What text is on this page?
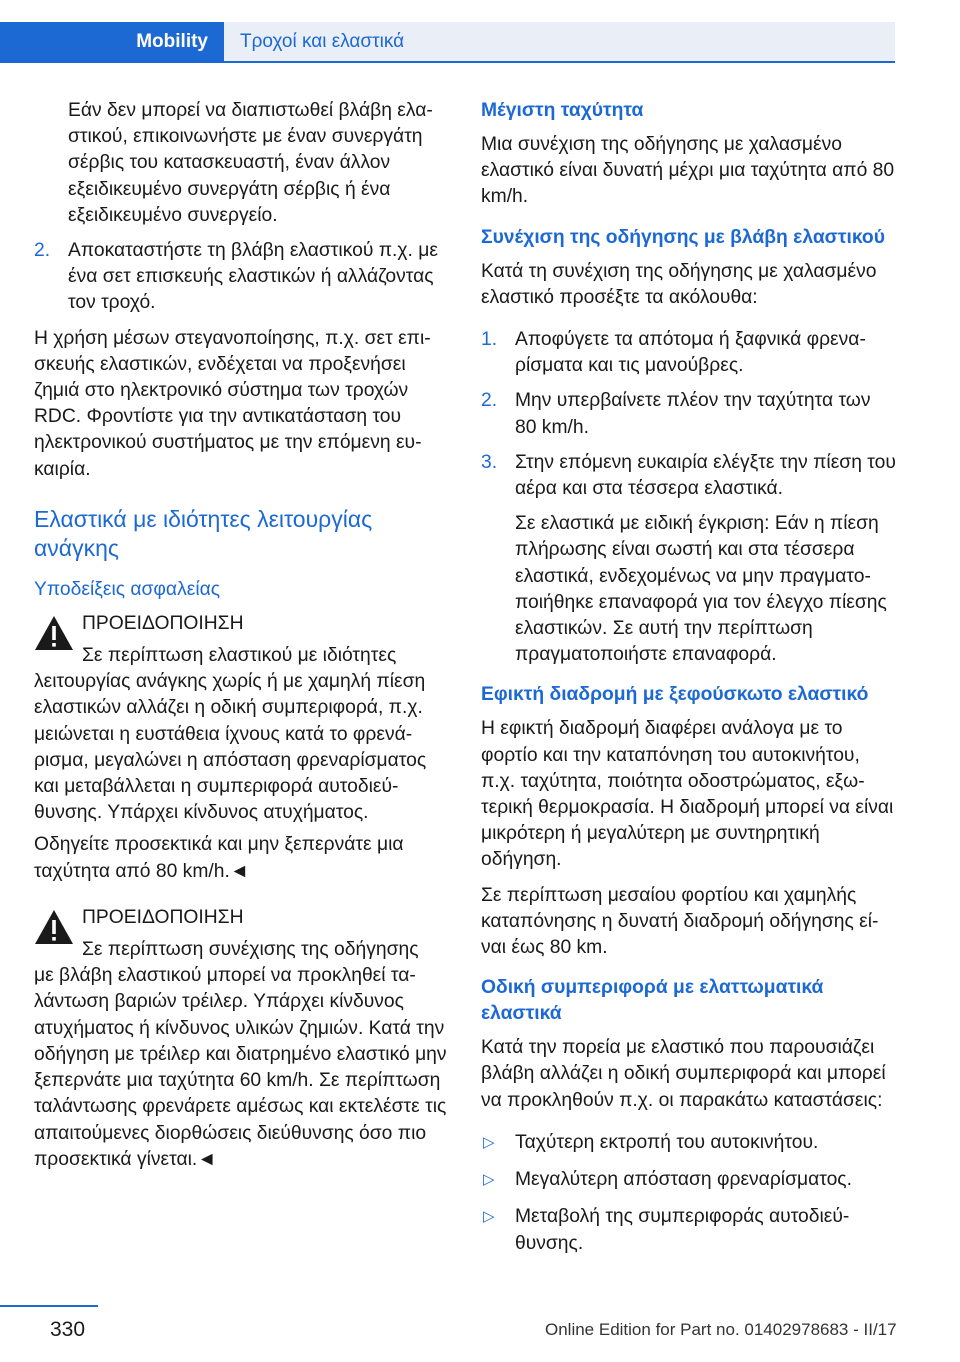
Mobility	Τροχοί και ελαστικά

Εάν δεν μπορεί να διαπιστωθεί βλάβη ελαστικού, επικοινωνήστε με έναν συνεργάτη σέρβις του κατασκευαστή, έναν άλλον εξειδικευμένο συνεργάτη σέρβις ή ένα εξειδικευμένο συνεργείο.

2. Αποκαταστήστε τη βλάβη ελαστικού π.χ. με ένα σετ επισκευής ελαστικών ή αλλάζοντας τον τροχό.

Η χρήση μέσων στεγανοποίησης, π.χ. σετ επισκευής ελαστικών, ενδέχεται να προξενήσει ζημιά στο ηλεκτρονικό σύστημα των τροχών RDC. Φροντίστε για την αντικατάσταση του ηλεκτρονικού συστήματος με την επόμενη ευκαιρία.

Ελαστικά με ιδιότητες λειτουργίας ανάγκης
Υποδείξεις ασφαλείας
ΠΡΟΕΙΔΟΠΟΙΗΣΗ

Σε περίπτωση ελαστικού με ιδιότητες
λειτουργίας ανάγκης χωρίς ή με χαμηλή πίεση ελαστικών αλλάζει η οδική συμπεριφορά, π.χ. μειώνεται η ευστάθεια ίχνους κατά το φρενάρισμα, μεγαλώνει η απόσταση φρεναρίσματος και μεταβάλλεται η συμπεριφορά αυτοδιεύθυνσης. Υπάρχει κίνδυνος ατυχήματος.

Οδηγείτε προσεκτικά και μην ξεπερνάτε μια ταχύτητα από 80 km/h.◄

ΠΡΟΕΙΔΟΠΟΙΗΣΗ

Σε περίπτωση συνέχισης της οδήγησης
με βλάβη ελαστικού μπορεί να προκληθεί ταλάντωση βαριών τρέιλερ. Υπάρχει κίνδυνος ατυχήματος ή κίνδυνος υλικών ζημιών. Κατά την οδήγηση με τρέιλερ και διατρημένο ελαστικό μην ξεπερνάτε μια ταχύτητα 60 km/h. Σε περίπτωση ταλάντωσης φρενάρετε αμέσως και εκτελέστε τις απαιτούμενες διορθώσεις διεύθυνσης όσο πιο προσεκτικά γίνεται.◄

Μέγιστη ταχύτητα

Μια συνέχιση της οδήγησης με χαλασμένο ελαστικό είναι δυνατή μέχρι μια ταχύτητα από 80 km/h.

Συνέχιση της οδήγησης με βλάβη ελαστικού

Κατά τη συνέχιση της οδήγησης με χαλασμένο ελαστικό προσέξτε τα ακόλουθα:

1. Αποφύγετε τα απότομα ή ξαφνικά φρεναρίσματα και τις μανούβρες.
2. Μην υπερβαίνετε πλέον την ταχύτητα των 80 km/h.
3. Στην επόμενη ευκαιρία ελέγξτε την πίεση του αέρα και στα τέσσερα ελαστικά.

Σε ελαστικά με ειδική έγκριση: Εάν η πίεση πλήρωσης είναι σωστή και στα τέσσερα ελαστικά, ενδεχομένως να μην πραγματοποιήθηκε επαναφορά για τον έλεγχο πίεσης ελαστικών. Σε αυτή την περίπτωση πραγματοποιήστε επαναφορά.

Εφικτή διαδρομή με ξεφούσκωτο ελαστικό

Η εφικτή διαδρομή διαφέρει ανάλογα με το φορτίο και την καταπόνηση του αυτοκινήτου, π.χ. ταχύτητα, ποιότητα οδοστρώματος, εξωτερική θερμοκρασία. Η διαδρομή μπορεί να είναι μικρότερη ή μεγαλύτερη με συντηρητική οδήγηση.

Σε περίπτωση μεσαίου φορτίου και χαμηλής καταπόνησης η δυνατή διαδρομή οδήγησης είναι έως 80 km.

Οδική συμπεριφορά με ελαττωματικά ελαστικά

Κατά την πορεία με ελαστικό που παρουσιάζει βλάβη αλλάζει η οδική συμπεριφορά και μπορεί να προκληθούν π.χ. οι παρακάτω καταστάσεις:

▷ Ταχύτερη εκτροπή του αυτοκινήτου.
▷ Μεγαλύτερη απόσταση φρεναρίσματος.
▷ Μεταβολή της συμπεριφοράς αυτοδιεύθυνσης.
330	Online Edition for Part no. 01402978683 - II/17
